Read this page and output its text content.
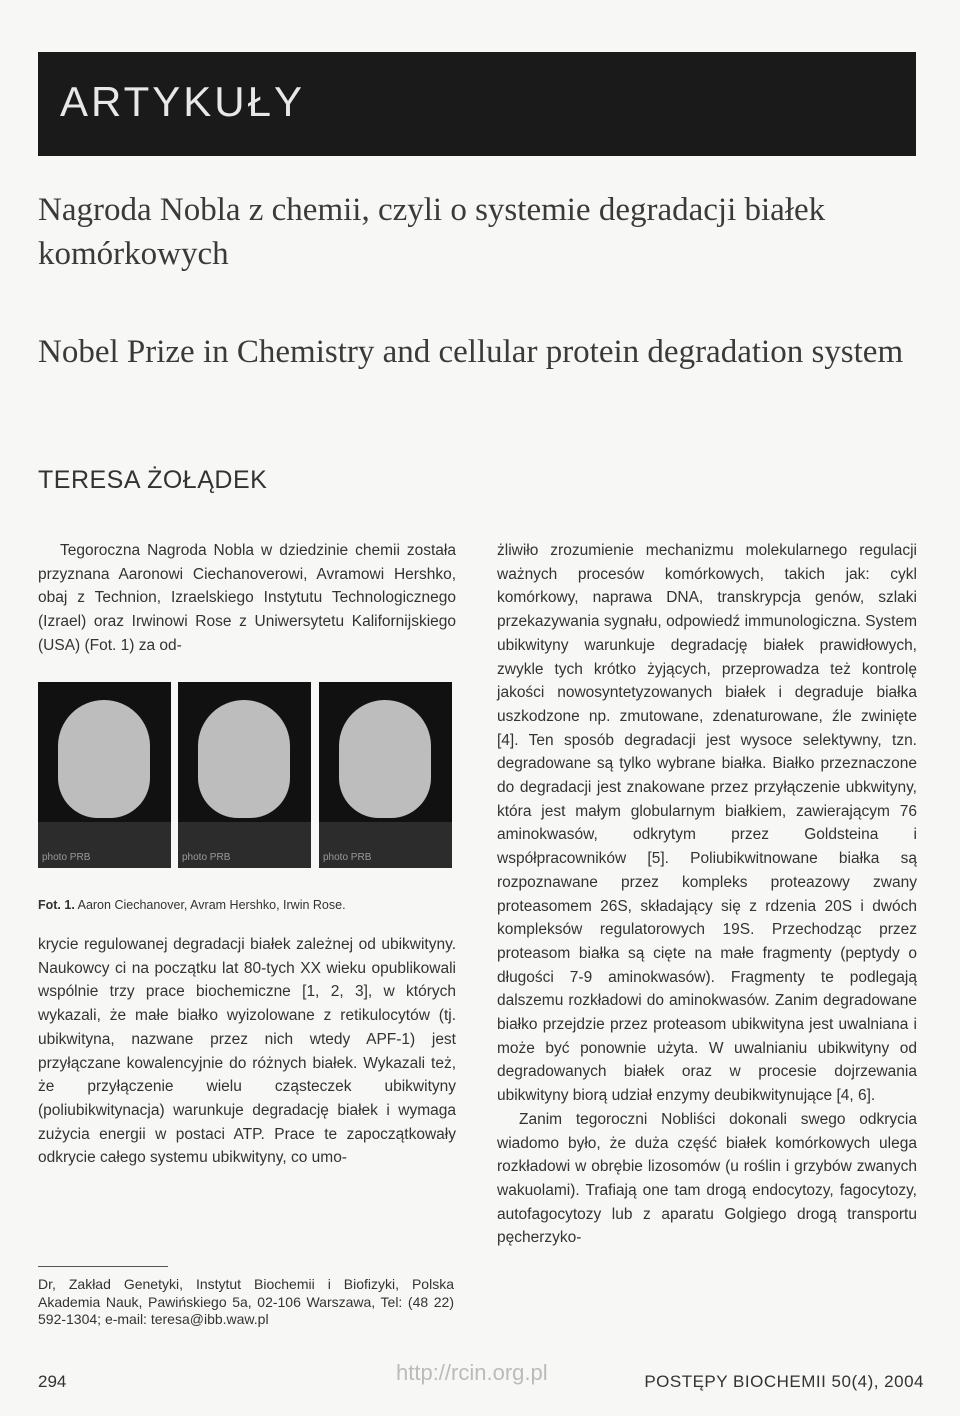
ARTYKUŁY
Nagroda Nobla z chemii, czyli o systemie degradacji białek komórkowych
Nobel Prize in Chemistry and cellular protein degradation system
TERESA ŻOŁĄDEK

Tegoroczna Nagroda Nobla w dziedzinie chemii została przyznana Aaronowi Ciechanoverowi, Avramowi Hershko, obaj z Technion, Izraelskiego Instytutu Technologicznego (Izrael) oraz Irwinowi Rose z Uniwersytetu Kalifornijskiego (USA) (Fot. 1) za od-

photo PRB	photo PRB	photo PRB
Fot. 1. Aaron Ciechanover, Avram Hershko, Irwin Rose.

krycie regulowanej degradacji białek zależnej od ubikwityny. Naukowcy ci na początku lat 80-tych XX wieku opublikowali wspólnie trzy prace biochemiczne [1, 2, 3], w których wykazali, że małe białko wyizolowane z retikulocytów (tj. ubikwityna, nazwane przez nich wtedy APF-1) jest przyłączane kowalencyjnie do różnych białek. Wykazali też, że przyłączenie wielu cząsteczek ubikwityny (poliubikwitynacja) warunkuje degradację białek i wymaga zużycia energii w postaci ATP. Prace te zapoczątkowały odkrycie całego systemu ubikwityny, co umo-

żliwiło zrozumienie mechanizmu molekularnego regulacji ważnych procesów komórkowych, takich jak: cykl komórkowy, naprawa DNA, transkrypcja genów, szlaki przekazywania sygnału, odpowiedź immunologiczna. System ubikwityny warunkuje degradację białek prawidłowych, zwykle tych krótko żyjących, przeprowadza też kontrolę jakości nowosyntetyzowanych białek i degraduje białka uszkodzone np. zmutowane, zdenaturowane, źle zwinięte [4]. Ten sposób degradacji jest wysoce selektywny, tzn. degradowane są tylko wybrane białka. Białko przeznaczone do degradacji jest znakowane przez przyłączenie ubkwityny, która jest małym globularnym białkiem, zawierającym 76 aminokwasów, odkrytym przez Goldsteina i współpracowników [5]. Poliubikwitnowane białka są rozpoznawane przez kompleks proteazowy zwany proteasomem 26S, składający się z rdzenia 20S i dwóch kompleksów regulatorowych 19S. Przechodząc przez proteasom białka są cięte na małe fragmenty (peptydy o długości 7-9 aminokwasów). Fragmenty te podlegają dalszemu rozkładowi do aminokwasów. Zanim degradowane białko przejdzie przez proteasom ubikwityna jest uwalniana i może być ponownie użyta. W uwalnianiu ubikwityny od degradowanych białek oraz w procesie dojrzewania ubikwityny biorą udział enzymy deubikwitynujące [4, 6].

Zanim tegoroczni Nobliści dokonali swego odkrycia wiadomo było, że duża część białek komórkowych ulega rozkładowi w obrębie lizosomów (u roślin i grzybów zwanych wakuolami). Trafiają one tam drogą endocytozy, fagocytozy, autofagocytozy lub z aparatu Golgiego drogą transportu pęcherzyko-

Dr, Zakład Genetyki, Instytut Biochemii i Biofizyki, Polska Akademia Nauk, Pawińskiego 5a, 02-106 Warszawa, Tel: (48 22) 592-1304; e-mail: teresa@ibb.waw.pl
294	http://rcin.org.pl	POSTĘPY BIOCHEMII 50(4), 2004
